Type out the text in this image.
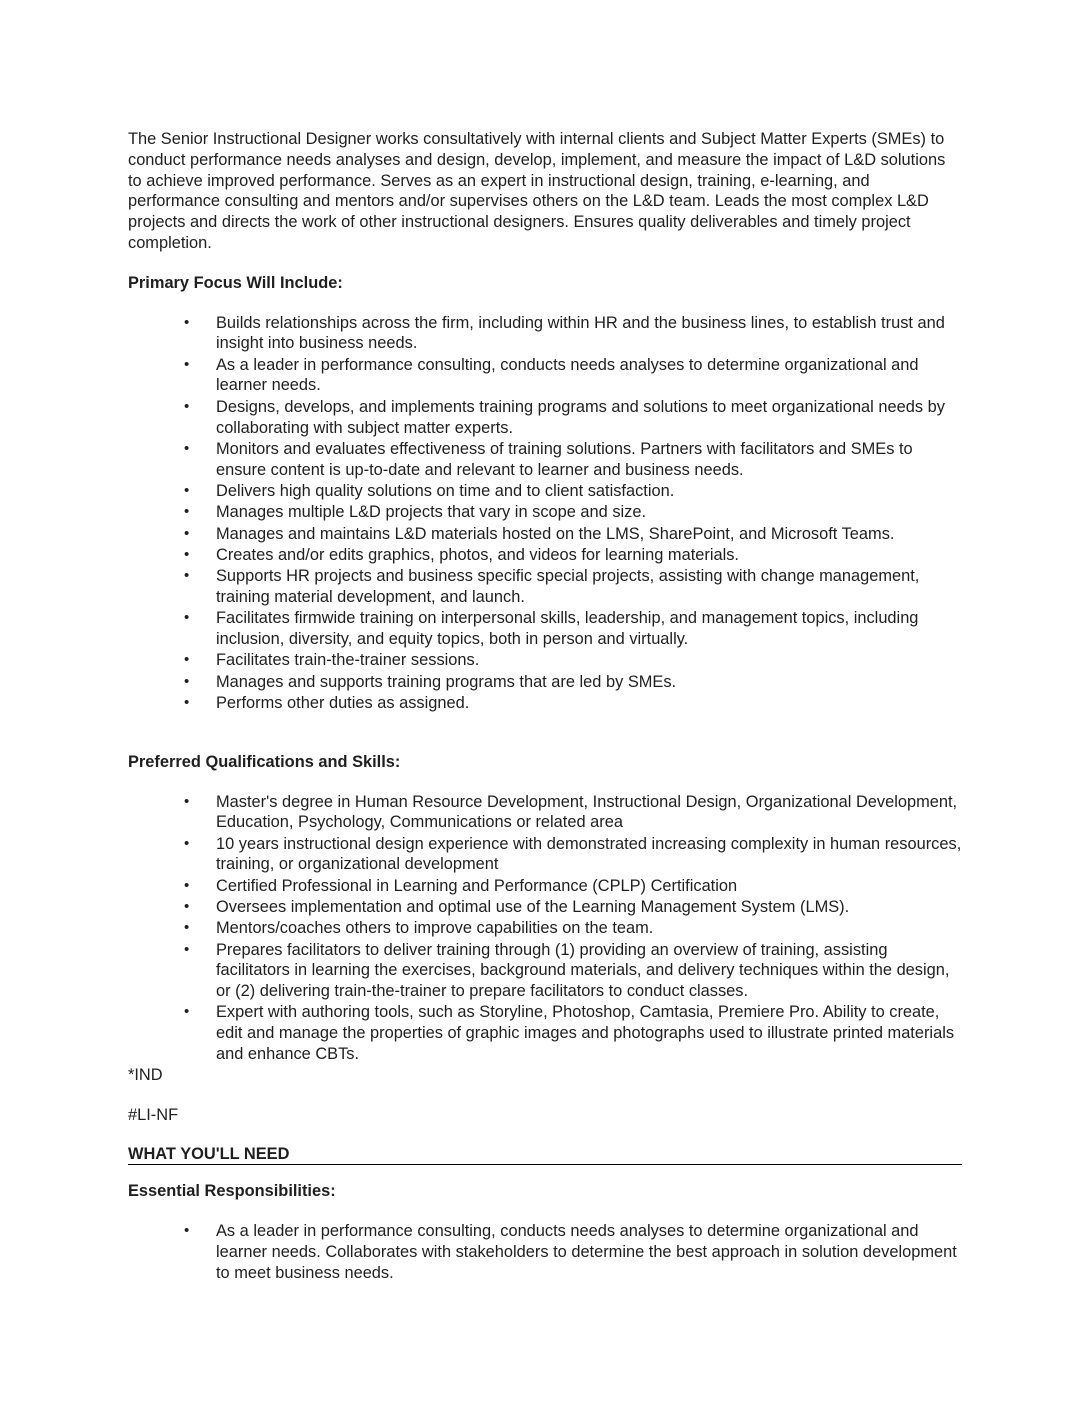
The Senior Instructional Designer works consultatively with internal clients and Subject Matter Experts (SMEs) to conduct performance needs analyses and design, develop, implement, and measure the impact of L&D solutions to achieve improved performance. Serves as an expert in instructional design, training, e-learning, and performance consulting and mentors and/or supervises others on the L&D team. Leads the most complex L&D projects and directs the work of other instructional designers. Ensures quality deliverables and timely project completion.

Primary Focus Will Include:

• Builds relationships across the firm, including within HR and the business lines, to establish trust and insight into business needs.
• As a leader in performance consulting, conducts needs analyses to determine organizational and learner needs.
• Designs, develops, and implements training programs and solutions to meet organizational needs by collaborating with subject matter experts.
• Monitors and evaluates effectiveness of training solutions. Partners with facilitators and SMEs to ensure content is up-to-date and relevant to learner and business needs.
• Delivers high quality solutions on time and to client satisfaction.
• Manages multiple L&D projects that vary in scope and size.
• Manages and maintains L&D materials hosted on the LMS, SharePoint, and Microsoft Teams.
• Creates and/or edits graphics, photos, and videos for learning materials.
• Supports HR projects and business specific special projects, assisting with change management, training material development, and launch.
• Facilitates firmwide training on interpersonal skills, leadership, and management topics, including inclusion, diversity, and equity topics, both in person and virtually.
• Facilitates train-the-trainer sessions.
• Manages and supports training programs that are led by SMEs.
• Performs other duties as assigned.

Preferred Qualifications and Skills:

• Master's degree in Human Resource Development, Instructional Design, Organizational Development, Education, Psychology, Communications or related area
• 10 years instructional design experience with demonstrated increasing complexity in human resources, training, or organizational development
• Certified Professional in Learning and Performance (CPLP) Certification
• Oversees implementation and optimal use of the Learning Management System (LMS).
• Mentors/coaches others to improve capabilities on the team.
• Prepares facilitators to deliver training through (1) providing an overview of training, assisting facilitators in learning the exercises, background materials, and delivery techniques within the design, or (2) delivering train-the-trainer to prepare facilitators to conduct classes.
• Expert with authoring tools, such as Storyline, Photoshop, Camtasia, Premiere Pro. Ability to create, edit and manage the properties of graphic images and photographs used to illustrate printed materials and enhance CBTs.

*IND

#LI-NF

WHAT YOU'LL NEED

Essential Responsibilities:

• As a leader in performance consulting, conducts needs analyses to determine organizational and learner needs. Collaborates with stakeholders to determine the best approach in solution development to meet business needs.
